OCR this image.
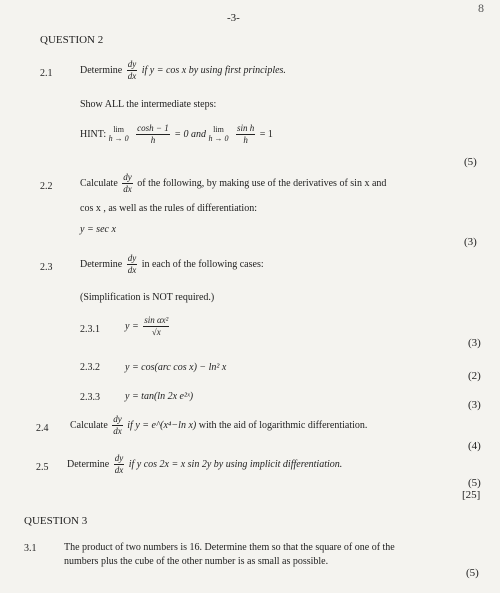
-3-
8
QUESTION 2
2.1	Determine $\frac{dy}{dx}$ if y = cos x by using first principles.
Show ALL the intermediate steps:
HINT: lim
h → 0
$\frac{\cosh - 1}{h} = 0$ and lim
h → 0
$\frac{\text{sin h}}{h} = 1$
(5)
2.2	Calculate $\frac{dy}{dx}$ of the following, by making use of the derivatives of sin x and
cos x , as well as the rules of differentiation:
y = sec x
(3)
2.3	Determine $\frac{dy}{dx}$ in each of the following cases:
(Simplification is NOT required.)
2.3.1	$y = \frac{\text{sin αx²}}{√x}$
(3)
2.3.2	y = cos(arc cos x) − ln² x
(2)
2.3.3	y = tan(ln 2x e²ˣ)
(3)
2.4 Calculate $\frac{dy}{dx}$ if y = e^(x⁴−ln x) with the aid of logarithmic differentiation.
(4)
2.5 Determine $\frac{dy}{dx}$ if y cos 2x = x sin 2y by using implicit differentiation.
(5)
[25]
QUESTION 3
3.1	The product of two numbers is 16. Determine them so that the square of one of the
numbers plus the cube of the other number is as small as possible.
(5)
